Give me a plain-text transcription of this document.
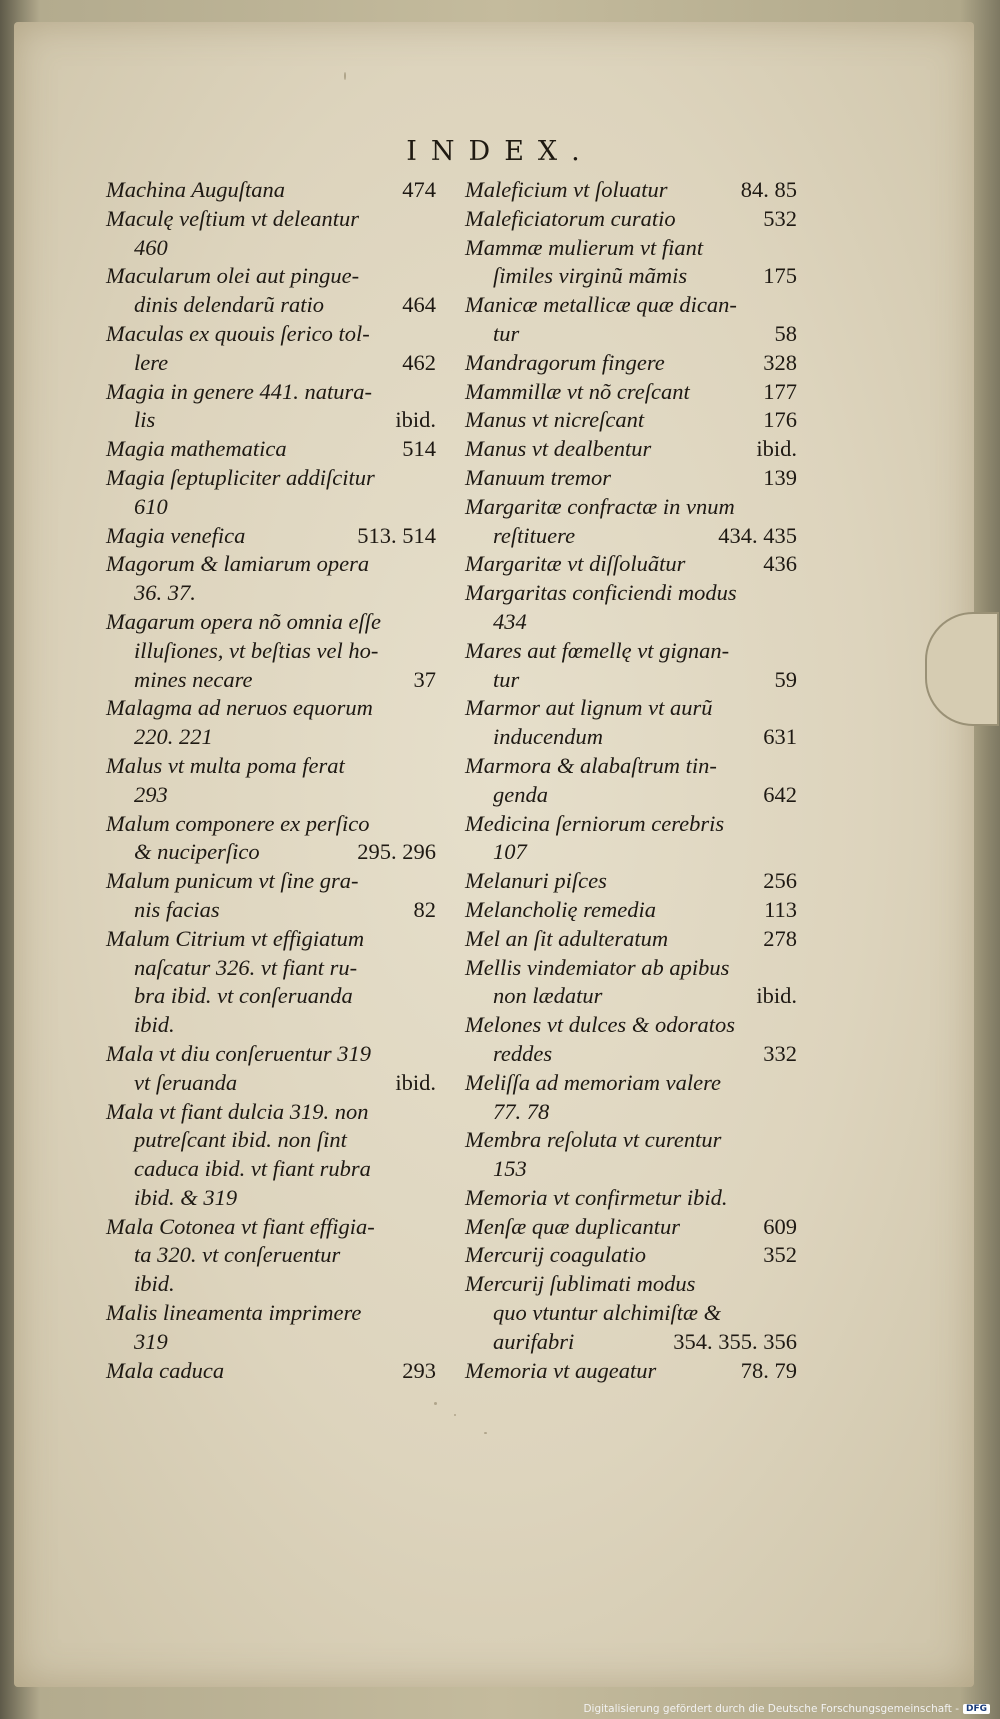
INDEX.
Machina Auguſtana	474
Maculę veſtium vt deleantur
460
Macularum olei aut pingue-
dinis delendarũ ratio	464
Maculas ex quouis ſerico tol-
lere	462
Magia in genere 441. natura-
lis	ibid.
Magia mathematica	514
Magia ſeptupliciter addiſcitur
610
Magia venefica	513. 514
Magorum & lamiarum opera
36. 37.
Magarum opera nõ omnia eſſe
illuſiones, vt beſtias vel ho-
mines necare	37
Malagma ad neruos equorum
220. 221
Malus vt multa poma ferat
293
Malum componere ex perſico
& nuciperſico	295. 296
Malum punicum vt ſine gra-
nis facias	82
Malum Citrium vt effigiatum
naſcatur 326. vt fiant ru-
bra ibid. vt conſeruanda
ibid.
Mala vt diu conſeruentur 319
vt ſeruanda	ibid.
Mala vt fiant dulcia 319. non
putreſcant ibid. non ſint
caduca ibid. vt fiant rubra
ibid. & 319
Mala Cotonea vt fiant effigia-
ta 320. vt conſeruentur
ibid.
Malis lineamenta imprimere
319
Mala caduca	293
Maleficium vt ſoluatur	84. 85
Maleficiatorum curatio	532
Mammæ mulierum vt fiant
ſimiles virginũ mãmis	175
Manicæ metallicæ quæ dican-
tur	58
Mandragorum fingere	328
Mammillæ vt nõ creſcant	177
Manus vt nicreſcant	176
Manus vt dealbentur	ibid.
Manuum tremor	139
Margaritæ confractæ in vnum
reſtituere	434. 435
Margaritæ vt diſſoluãtur	436
Margaritas conficiendi modus
434
Mares aut fœmellę vt gignan-
tur	59
Marmor aut lignum vt aurũ
inducendum	631
Marmora & alabaſtrum tin-
genda	642
Medicina ſerniorum cerebris
107
Melanuri piſces	256
Melancholię remedia	113
Mel an ſit adulteratum	278
Mellis vindemiator ab apibus
non lædatur	ibid.
Melones vt dulces & odoratos
reddes	332
Meliſſa ad memoriam valere
77. 78
Membra reſoluta vt curentur
153
Memoria vt confirmetur ibid.
Menſæ quæ duplicantur	609
Mercurij coagulatio	352
Mercurij ſublimati modus
quo vtuntur alchimiſtæ &
aurifabri	354. 355. 356
Memoria vt augeatur	78. 79
Digitalisierung gefördert durch die Deutsche Forschungsgemeinschaft - DFG
